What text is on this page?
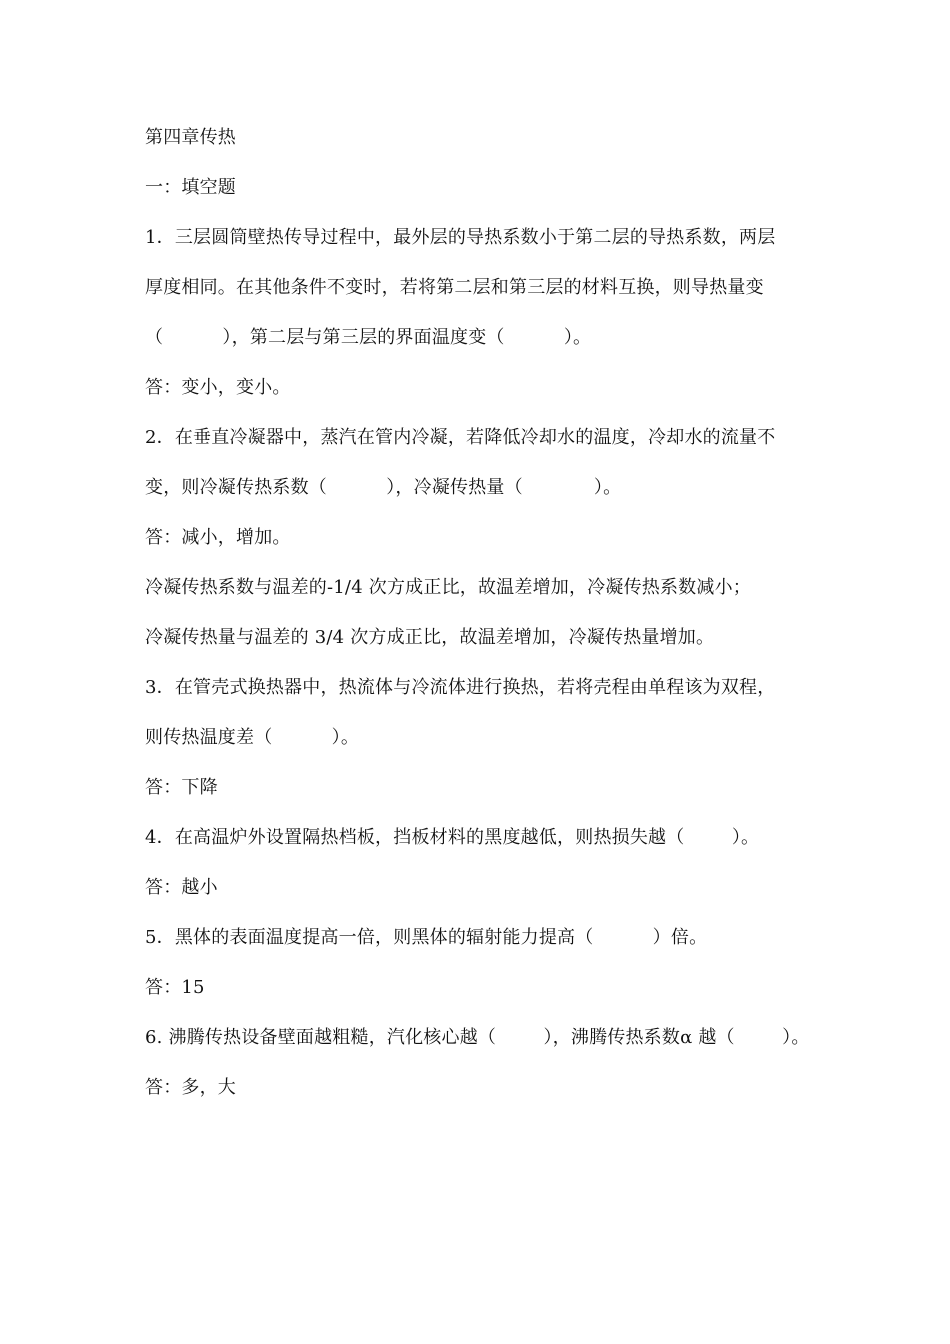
第四章传热
一：填空题
1．三层圆筒壁热传导过程中，最外层的导热系数小于第二层的导热系数，两层
厚度相同。在其他条件不变时，若将第二层和第三层的材料互换，则导热量变
（          ），第二层与第三层的界面温度变（          ）。
答：变小，变小。
2．在垂直冷凝器中，蒸汽在管内冷凝，若降低冷却水的温度，冷却水的流量不
变，则冷凝传热系数（          ），冷凝传热量（            ）。
答：减小，增加。
冷凝传热系数与温差的-1/4 次方成正比，故温差增加，冷凝传热系数减小；
冷凝传热量与温差的 3/4 次方成正比，故温差增加，冷凝传热量增加。
3．在管壳式换热器中，热流体与冷流体进行换热，若将壳程由单程该为双程，
则传热温度差（          ）。
答：下降
4．在高温炉外设置隔热档板，挡板材料的黑度越低，则热损失越（        ）。
答：越小
5．黑体的表面温度提高一倍，则黑体的辐射能力提高（          ）倍。
答：15
6. 沸腾传热设备壁面越粗糙，汽化核心越（        ），沸腾传热系数α 越（        ）。
答：多，大
